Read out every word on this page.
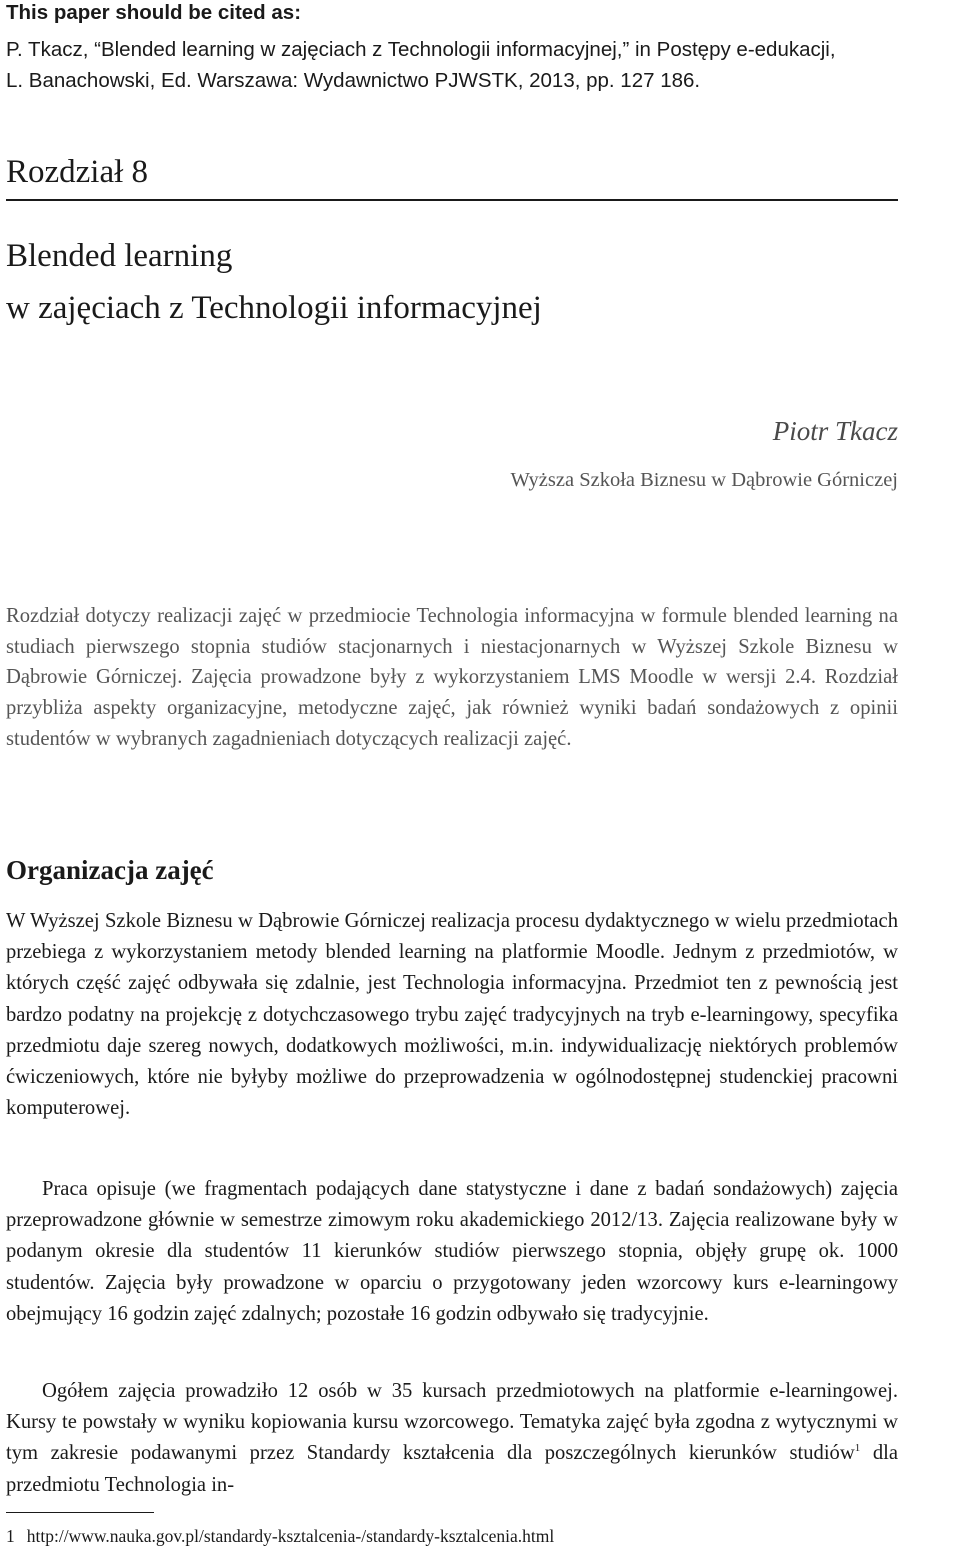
This paper should be cited as:

P. Tkacz, “Blended learning w zajęciach z Technologii informacyjnej,” in Postępy e-edukacji,

L. Banachowski, Ed. Warszawa: Wydawnictwo PJWSTK, 2013, pp. 127 186.

Rozdział 8
Blended learning
w zajęciach z Technologii informacyjnej

Piotr Tkacz

Wyższa Szkoła Biznesu w Dąbrowie Górniczej

Rozdział dotyczy realizacji zajęć w przedmiocie Technologia informacyjna w formule blended learning na studiach pierwszego stopnia studiów stacjonarnych i niestacjonarnych w Wyższej Szkole Biznesu w Dąbrowie Górniczej. Zajęcia prowadzone były z wykorzystaniem LMS Moodle w wersji 2.4. Rozdział przybliża aspekty organizacyjne, metodyczne zajęć, jak również wyniki badań sondażowych z opinii studentów w wybranych zagadnieniach dotyczących realizacji zajęć.

Organizacja zajęć

W Wyższej Szkole Biznesu w Dąbrowie Górniczej realizacja procesu dydaktycznego w wielu przedmiotach przebiega z wykorzystaniem metody blended learning na platformie Moodle. Jednym z przedmiotów, w których część zajęć odbywała się zdalnie, jest Technologia informacyjna. Przedmiot ten z pewnością jest bardzo podatny na projekcję z dotychczasowego trybu zajęć tradycyjnych na tryb e-learningowy, specyfika przedmiotu daje szereg nowych, dodatkowych możliwości, m.in. indywidualizację niektórych problemów ćwiczeniowych, które nie byłyby możliwe do przeprowadzenia w ogólnodostępnej studenckiej pracowni komputerowej.

Praca opisuje (we fragmentach podających dane statystyczne i dane z badań sondażowych) zajęcia przeprowadzone głównie w semestrze zimowym roku akademickiego 2012/13. Zajęcia realizowane były w podanym okresie dla studentów 11 kierunków studiów pierwszego stopnia, objęły grupę ok. 1000 studentów. Zajęcia były prowadzone w oparciu o przygotowany jeden wzorcowy kurs e-learningowy obejmujący 16 godzin zajęć zdalnych; pozostałe 16 godzin odbywało się tradycyjnie.

Ogółem zajęcia prowadziło 12 osób w 35 kursach przedmiotowych na platformie e-learningowej. Kursy te powstały w wyniku kopiowania kursu wzorcowego. Tematyka zajęć była zgodna z wytycznymi w tym zakresie podawanymi przez Standardy kształcenia dla poszczególnych kierunków studiów$^1$ dla przedmiotu Technologia in-

1 http://www.nauka.gov.pl/standardy-ksztalcenia-/standardy-ksztalcenia.html
